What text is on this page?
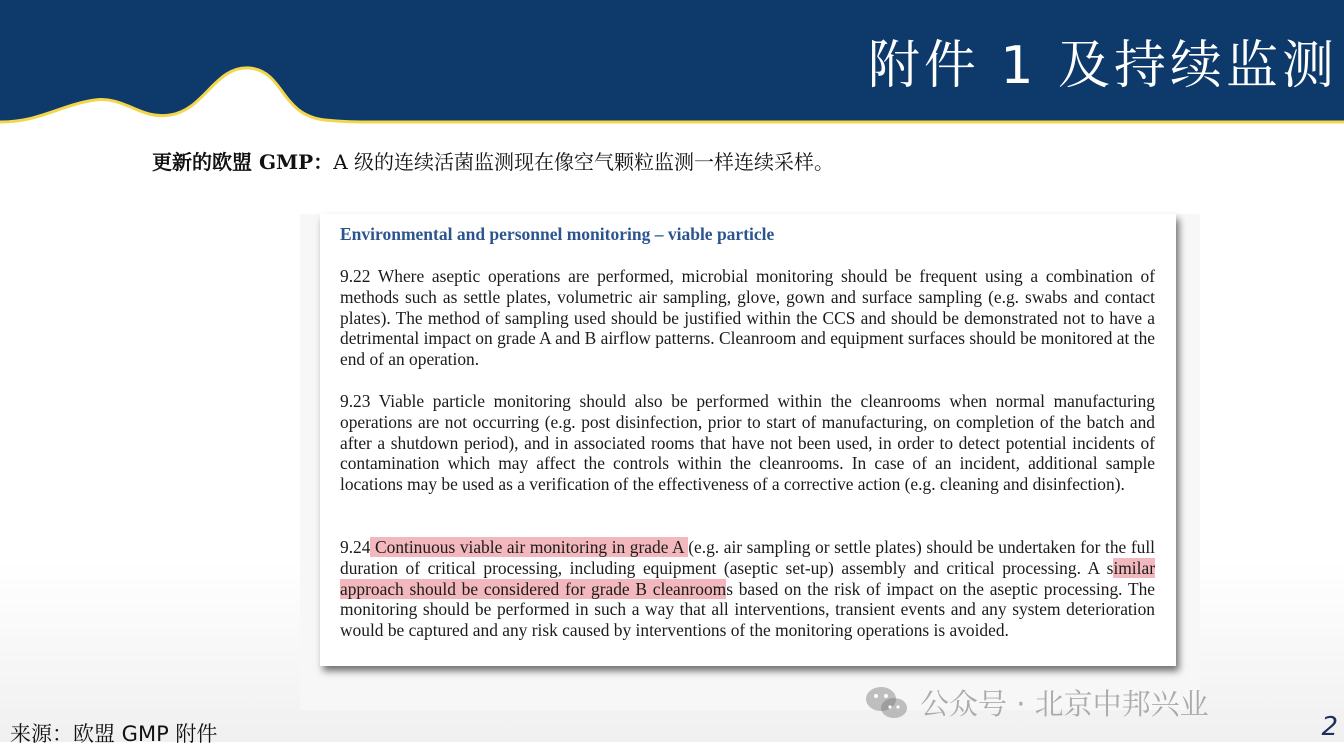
附件 1 及持续监测
更新的欧盟 GMP：A 级的连续活菌监测现在像空气颗粒监测一样连续采样。
Environmental and personnel monitoring – viable particle
9.22 Where aseptic operations are performed, microbial monitoring should be frequent using a combination of methods such as settle plates, volumetric air sampling, glove, gown and surface sampling (e.g. swabs and contact plates). The method of sampling used should be justified within the CCS and should be demonstrated not to have a detrimental impact on grade A and B airflow patterns. Cleanroom and equipment surfaces should be monitored at the end of an operation.
9.23 Viable particle monitoring should also be performed within the cleanrooms when normal manufacturing operations are not occurring (e.g. post disinfection, prior to start of manufacturing, on completion of the batch and after a shutdown period), and in associated rooms that have not been used, in order to detect potential incidents of contamination which may affect the controls within the cleanrooms. In case of an incident, additional sample locations may be used as a verification of the effectiveness of a corrective action (e.g. cleaning and disinfection).
9.24 Continuous viable air monitoring in grade A (e.g. air sampling or settle plates) should be undertaken for the full duration of critical processing, including equipment (aseptic set-up) assembly and critical processing. A similar approach should be considered for grade B cleanrooms based on the risk of impact on the aseptic processing. The monitoring should be performed in such a way that all interventions, transient events and any system deterioration would be captured and any risk caused by interventions of the monitoring operations is avoided.
来源：欧盟 GMP 附件
公众号 · 北京中邦兴业
2
